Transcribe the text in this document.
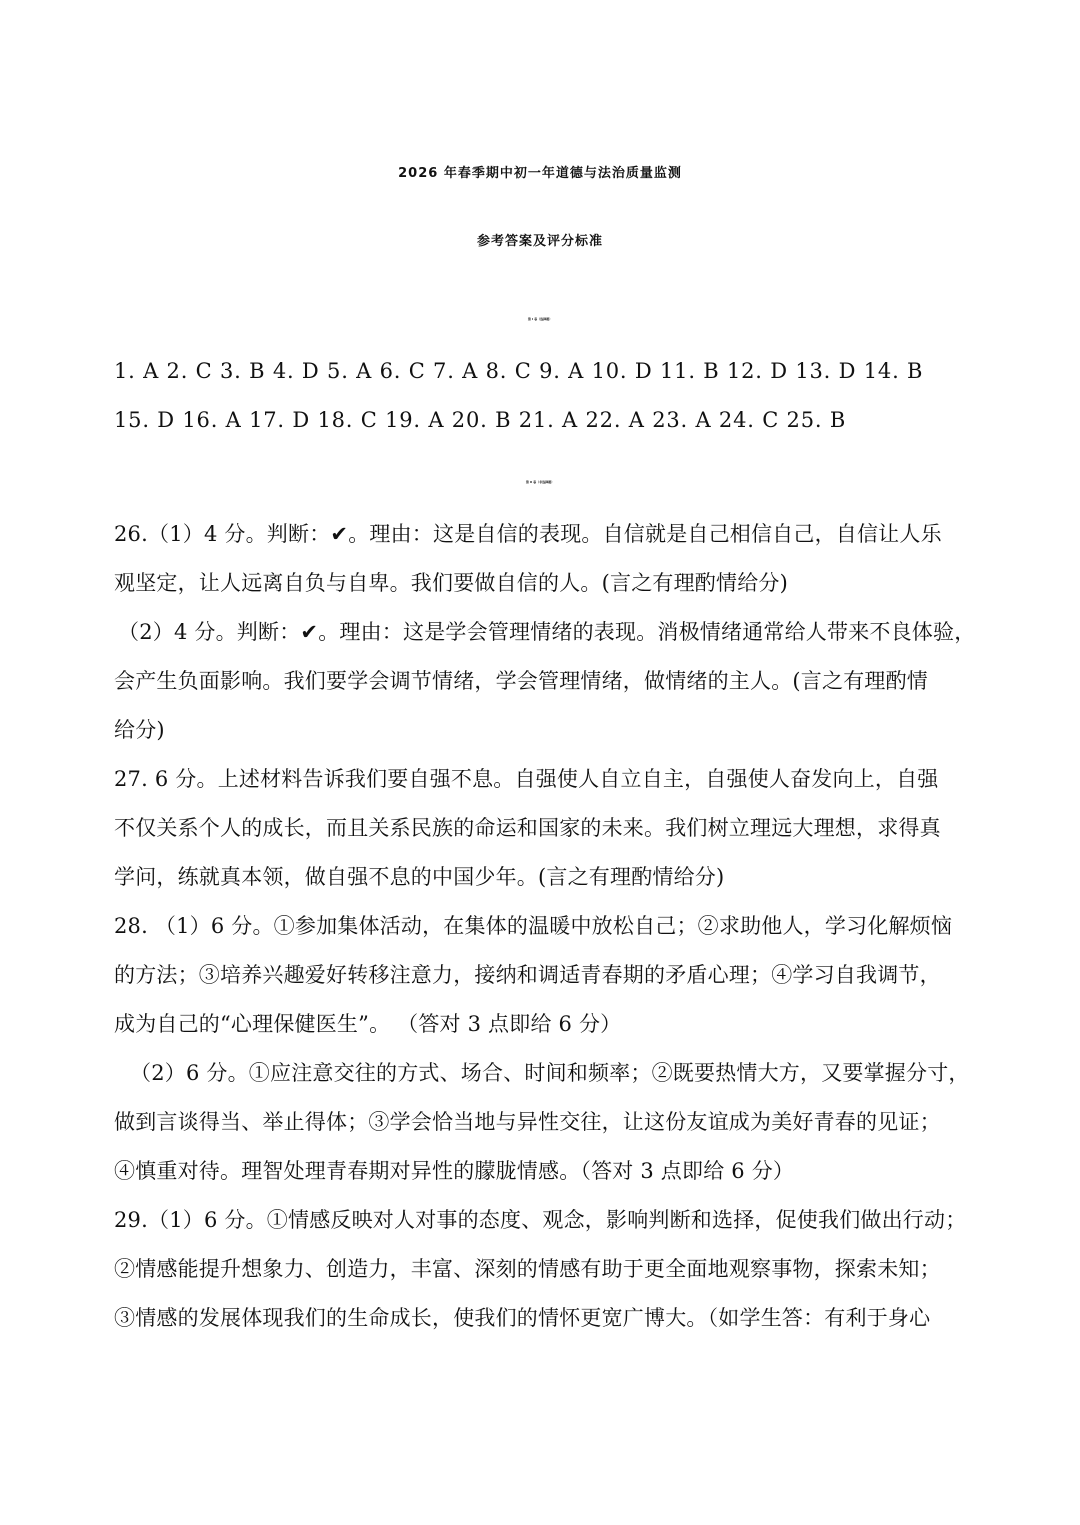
2026 年春季期中初一年道德与法治质量监测
参考答案及评分标准
第 I 卷（选择题）
1. A 2. C 3. B 4. D 5. A 6. C 7. A 8. C 9. A 10. D 11. B 12. D 13. D 14. B
15. D 16. A 17. D 18. C 19. A 20. B 21. A 22. A 23. A 24. C 25. B
第 II 卷（非选择题）
26.（1）4 分。判断：✔。理由：这是自信的表现。自信就是自己相信自己，自信让人乐
观坚定，让人远离自负与自卑。我们要做自信的人。(言之有理酌情给分)
（2）4 分。判断：✔。理由：这是学会管理情绪的表现。消极情绪通常给人带来不良体验，
会产生负面影响。我们要学会调节情绪，学会管理情绪，做情绪的主人。(言之有理酌情
给分)
27. 6 分。上述材料告诉我们要自强不息。自强使人自立自主，自强使人奋发向上，自强
不仅关系个人的成长，而且关系民族的命运和国家的未来。我们树立理远大理想，求得真
学问，练就真本领，做自强不息的中国少年。(言之有理酌情给分)
28. （1）6 分。①参加集体活动，在集体的温暖中放松自己；②求助他人，学习化解烦恼
的方法；③培养兴趣爱好转移注意力，接纳和调适青春期的矛盾心理；④学习自我调节，
成为自己的“心理保健医生”。 （答对 3 点即给 6 分）
（2）6 分。①应注意交往的方式、场合、时间和频率；②既要热情大方，又要掌握分寸，
做到言谈得当、举止得体；③学会恰当地与异性交往，让这份友谊成为美好青春的见证；
④慎重对待。理智处理青春期对异性的朦胧情感。（答对 3 点即给 6 分）
29.（1）6 分。①情感反映对人对事的态度、观念，影响判断和选择，促使我们做出行动；
②情感能提升想象力、创造力，丰富、深刻的情感有助于更全面地观察事物，探索未知；
③情感的发展体现我们的生命成长，使我们的情怀更宽广博大。（如学生答：有利于身心
